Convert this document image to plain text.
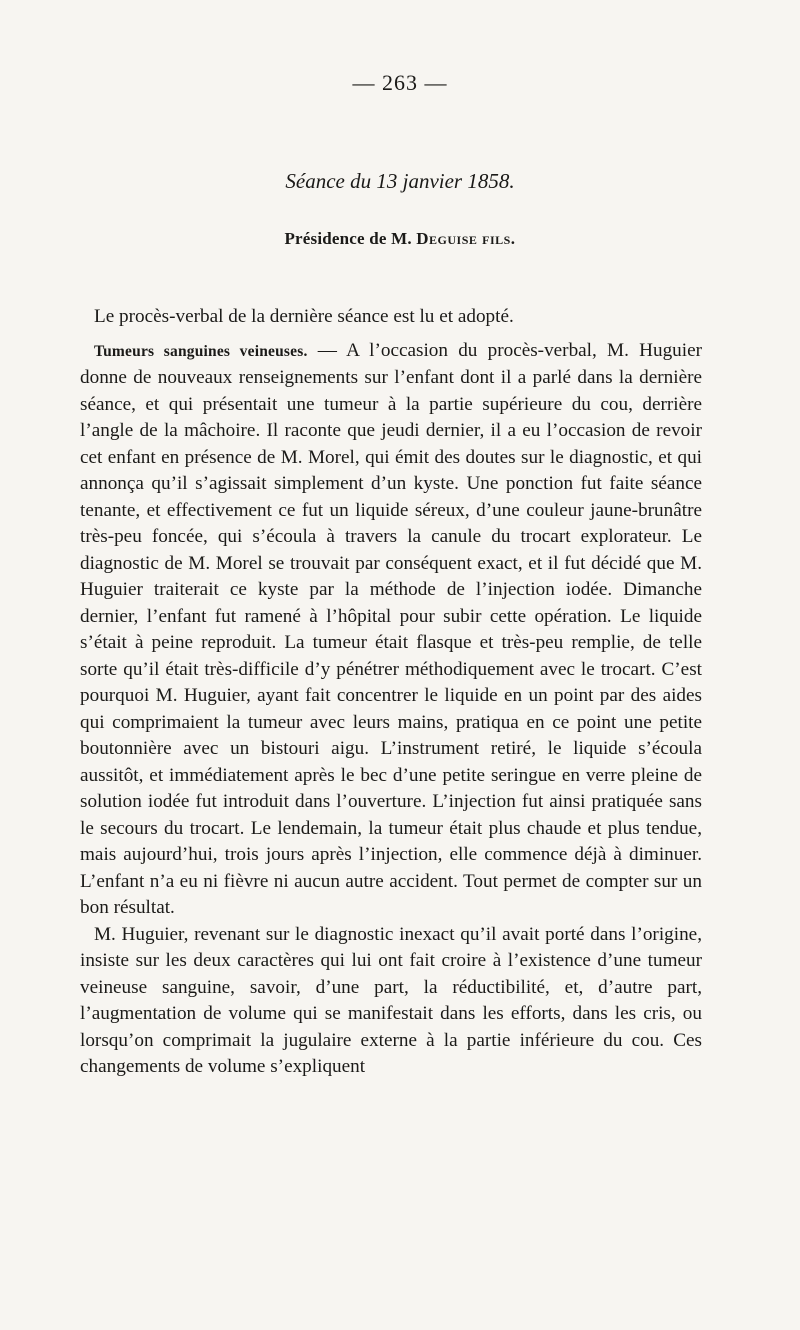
— 263 —
Séance du 13 janvier 1858.
Présidence de M. Deguise fils.

Le procès-verbal de la dernière séance est lu et adopté.

Tumeurs sanguines veineuses. — A l’occasion du procès-verbal, M. Huguier donne de nouveaux renseignements sur l’enfant dont il a parlé dans la dernière séance, et qui présentait une tumeur à la partie supérieure du cou, derrière l’angle de la mâchoire. Il raconte que jeudi dernier, il a eu l’occasion de revoir cet enfant en présence de M. Morel, qui émit des doutes sur le diagnostic, et qui annonça qu’il s’agissait simplement d’un kyste. Une ponction fut faite séance tenante, et effectivement ce fut un liquide séreux, d’une couleur jaune-brunâtre très-peu foncée, qui s’écoula à travers la canule du trocart explorateur. Le diagnostic de M. Morel se trouvait par conséquent exact, et il fut décidé que M. Huguier traiterait ce kyste par la méthode de l’injection iodée. Dimanche dernier, l’enfant fut ramené à l’hôpital pour subir cette opération. Le liquide s’était à peine reproduit. La tumeur était flasque et très-peu remplie, de telle sorte qu’il était très-difficile d’y pénétrer méthodiquement avec le trocart. C’est pourquoi M. Huguier, ayant fait concentrer le liquide en un point par des aides qui comprimaient la tumeur avec leurs mains, pratiqua en ce point une petite boutonnière avec un bistouri aigu. L’instrument retiré, le liquide s’écoula aussitôt, et immédiatement après le bec d’une petite seringue en verre pleine de solution iodée fut introduit dans l’ouverture. L’injection fut ainsi pratiquée sans le secours du trocart. Le lendemain, la tumeur était plus chaude et plus tendue, mais aujourd’hui, trois jours après l’injection, elle commence déjà à diminuer. L’enfant n’a eu ni fièvre ni aucun autre accident. Tout permet de compter sur un bon résultat.

M. Huguier, revenant sur le diagnostic inexact qu’il avait porté dans l’origine, insiste sur les deux caractères qui lui ont fait croire à l’existence d’une tumeur veineuse sanguine, savoir, d’une part, la réductibilité, et, d’autre part, l’augmentation de volume qui se manifestait dans les efforts, dans les cris, ou lorsqu’on comprimait la jugulaire externe à la partie inférieure du cou. Ces changements de volume s’expliquent
